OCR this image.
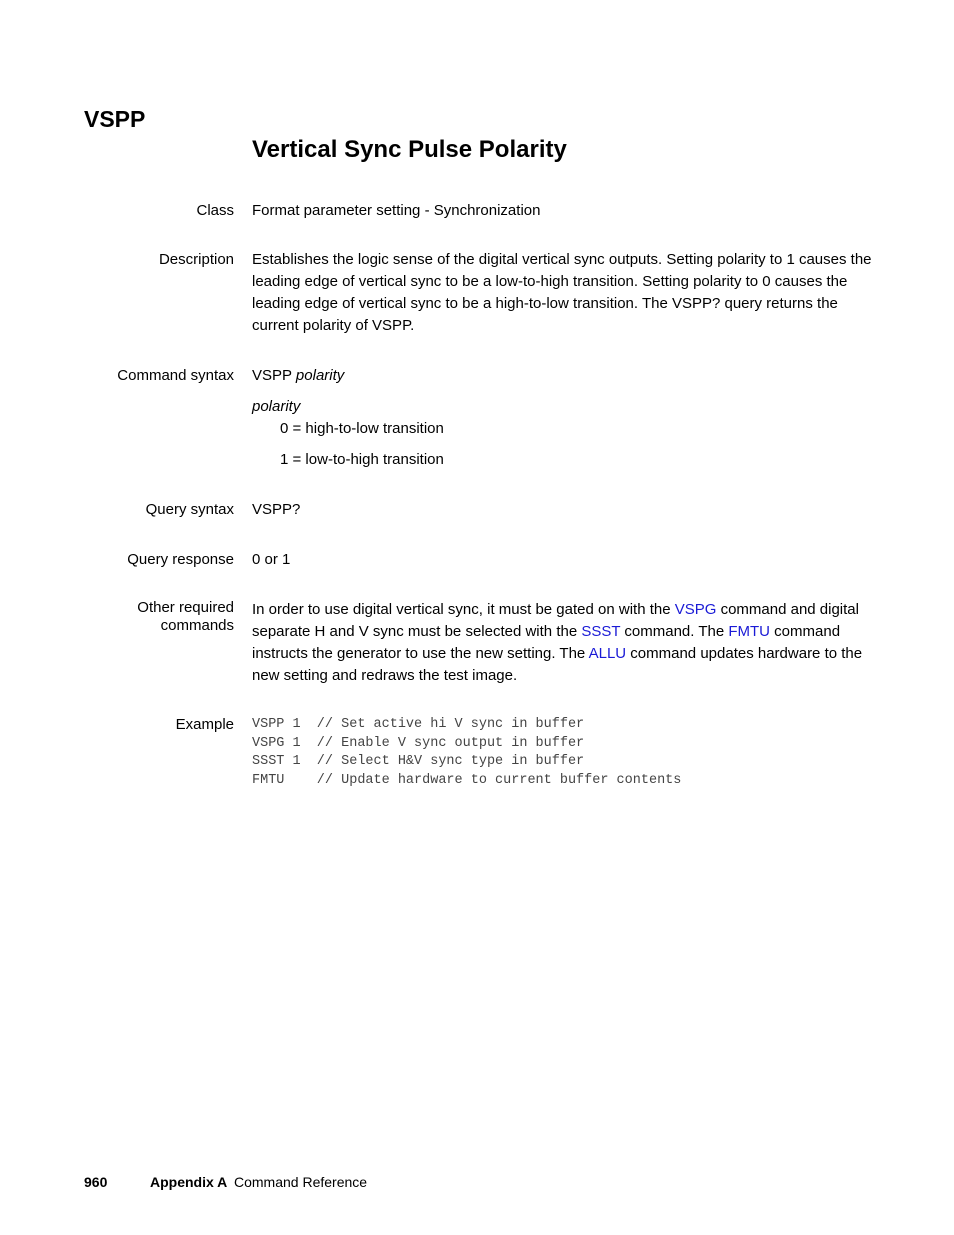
VSPP
Vertical Sync Pulse Polarity
Class Format parameter setting - Synchronization
Description Establishes the logic sense of the digital vertical sync outputs. Setting polarity to 1 causes the leading edge of vertical sync to be a low-to-high transition. Setting polarity to 0 causes the leading edge of vertical sync to be a high-to-low transition. The VSPP? query returns the current polarity of VSPP.
Command syntax VSPP polarity
polarity
0 = high-to-low transition
1 = low-to-high transition
Query syntax VSPP?
Query response 0 or 1
Other required
commands
In order to use digital vertical sync, it must be gated on with the VSPG command and digital separate H and V sync must be selected with the SSST command. The FMTU command instructs the generator to use the new setting. The ALLU command updates hardware to the new setting and redraws the test image.
Example VSPP 1  // Set active hi V sync in buffer
VSPG 1  // Enable V sync output in buffer
SSST 1  // Select H&V sync type in buffer
FMTU    // Update hardware to current buffer contents
960	Appendix A Command Reference
